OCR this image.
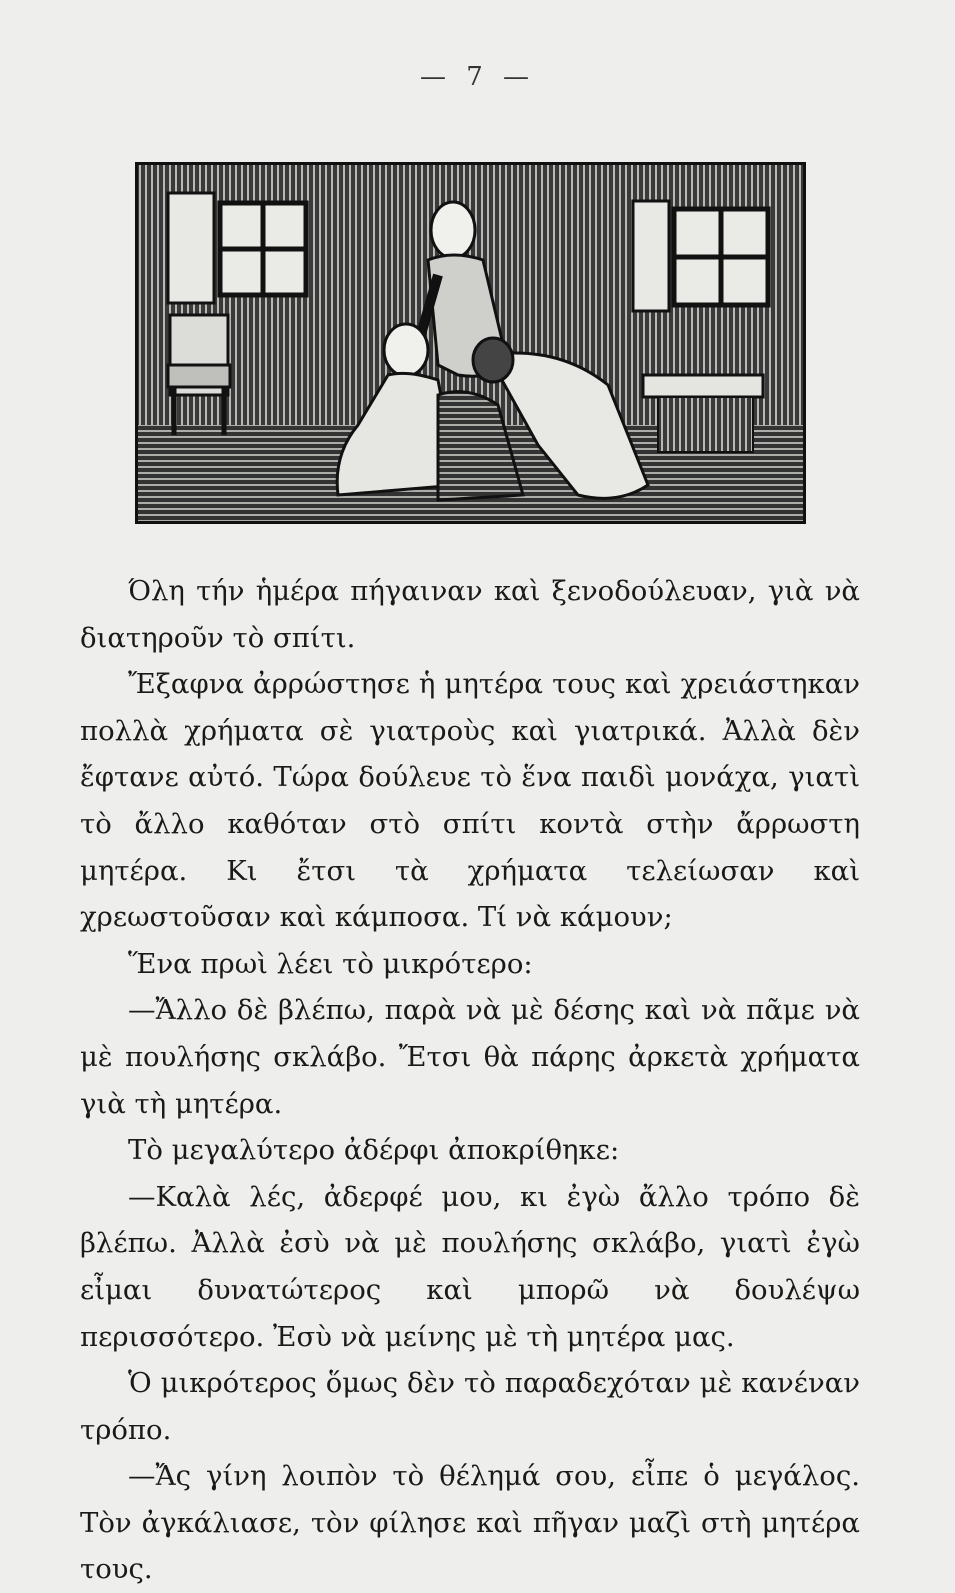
— 7 —

Όλη τήν ἡμέρα πήγαιναν καὶ ξενοδούλευαν, γιὰ νὰ διατηροῦν τὸ σπίτι.

Ἔξαφνα ἀρρώστησε ἡ μητέρα τους καὶ χρειάστηκαν πολλὰ χρήματα σὲ γιατροὺς καὶ γιατρικά. Ἀλλὰ δὲν ἔφτανε αὐτό. Τώρα δούλευε τὸ ἕνα παιδὶ μονάχα, γιατὶ τὸ ἄλλο καθόταν στὸ σπίτι κοντὰ στὴν ἄρρωστη μητέρα. Κι ἔτσι τὰ χρήματα τελείωσαν καὶ χρεωστοῦσαν καὶ κάμποσα. Τί νὰ κάμουν;

Ἕνα πρωὶ λέει τὸ μικρότερο:

—Ἄλλο δὲ βλέπω, παρὰ νὰ μὲ δέσης καὶ νὰ πᾶμε νὰ μὲ πουλήσης σκλάβο. Ἔτσι θὰ πάρης ἀρκετὰ χρήματα γιὰ τὴ μητέρα.

Τὸ μεγαλύτερο ἀδέρφι ἀποκρίθηκε:

—Καλὰ λές, ἀδερφέ μου, κι ἐγὼ ἄλλο τρόπο δὲ βλέπω. Ἀλλὰ ἐσὺ νὰ μὲ πουλήσης σκλάβο, γιατὶ ἐγὼ εἶμαι δυνατώτερος καὶ μπορῶ νὰ δουλέψω περισσότερο. Ἐσὺ νὰ μείνης μὲ τὴ μητέρα μας.

Ὁ μικρότερος ὅμως δὲν τὸ παραδεχόταν μὲ κανέναν τρόπο.

—Ἄς γίνη λοιπὸν τὸ θέλημά σου, εἶπε ὁ μεγάλος. Τὸν ἀγκάλιασε, τὸν φίλησε καὶ πῆγαν μαζὶ στὴ μητέρα τους.
